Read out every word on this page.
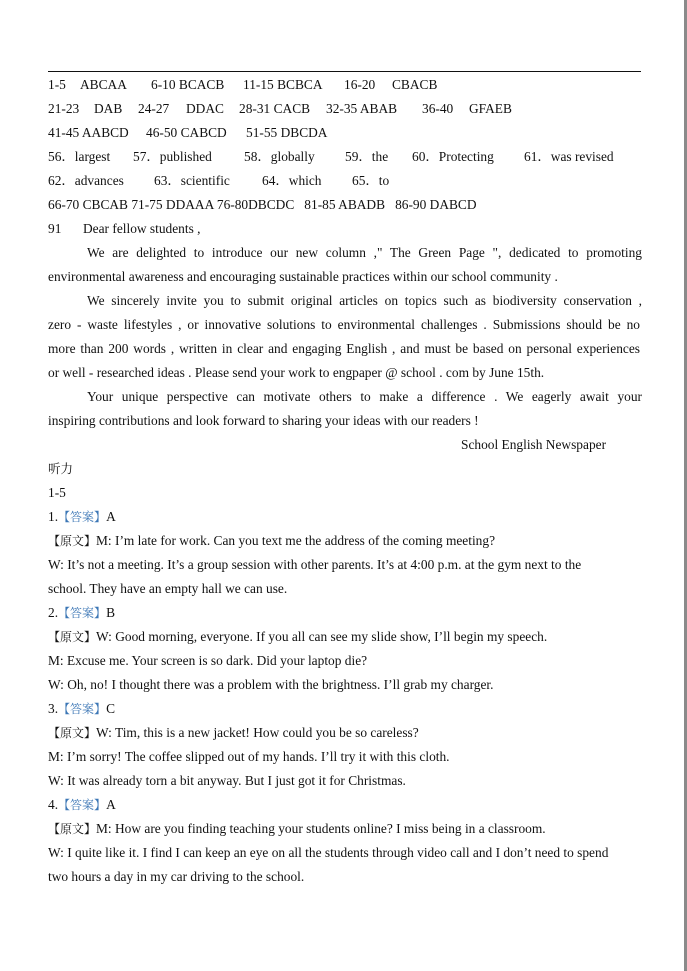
1-5 ABCAA 6-10 BCACB 11-15 BCBCA 16-20 CBACB
21-23 DAB 24-27 DDAC 28-31 CACB 32-35 ABAB 36-40 GFAEB
41-45 AABCD 46-50 CABCD 51-55 DBCDA
56．largest 57．published 58．globally 59．the 60．Protecting 61．was revised
62．advances 63．scientific 64．which 65．to
66-70 CBCAB 71-75 DDAAA 76-80DBCDC   81-85 ABADB   86-90 DABCD
91 Dear fellow students ,
We are delighted to introduce our new column ," The Green Page ", dedicated to promoting
environmental awareness and encouraging sustainable practices within our school community .
We sincerely invite you to submit original articles on topics such as biodiversity conservation ,
zero - waste lifestyles , or innovative solutions to environmental challenges . Submissions should be no
more than 200 words , written in clear and engaging English , and must be based on personal experiences
or well - researched ideas . Please send your work to engpaper @ school . com by June 15th.
Your unique perspective can motivate others to make a difference . We eagerly await your
inspiring contributions and look forward to sharing your ideas with our readers !
School English Newspaper
听力
1-5
1.【答案】A
【原文】M: I’m late for work. Can you text me the address of the coming meeting?
W: It’s not a meeting. It’s a group session with other parents. It’s at 4:00 p.m. at the gym next to the
school. They have an empty hall we can use.
2.【答案】B
【原文】W: Good morning, everyone. If you all can see my slide show, I’ll begin my speech.
M: Excuse me. Your screen is so dark. Did your laptop die?
W: Oh, no! I thought there was a problem with the brightness. I’ll grab my charger.
3.【答案】C
【原文】W: Tim, this is a new jacket! How could you be so careless?
M: I’m sorry! The coffee slipped out of my hands. I’ll try it with this cloth.
W: It was already torn a bit anyway. But I just got it for Christmas.
4.【答案】A
【原文】M: How are you finding teaching your students online? I miss being in a classroom.
W: I quite like it. I find I can keep an eye on all the students through video call and I don’t need to spend
two hours a day in my car driving to the school.
